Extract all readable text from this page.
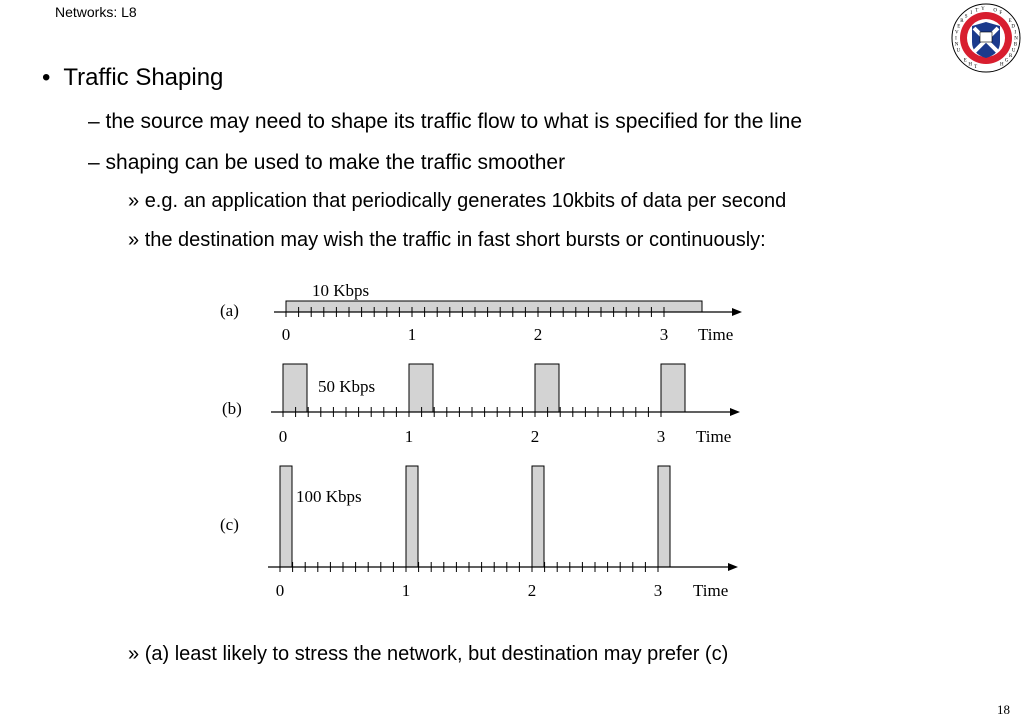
Networks: L8
T
H
E
U
N
I
V
E
R
S
I T Y O F
E
D
I
N
B
U
R
G
H
•  Traffic Shaping
– the source may need to shape its traffic flow to what is specified for the line
– shaping can be used to make the traffic smoother
» e.g. an application that periodically generates 10kbits of data per second
» the destination may wish the traffic in fast short bursts or continuously:
» (a) least likely to stress the network, but destination may prefer (c)
0	1	2	3 Time
(a)
10 Kbps
0	1	2	3 Time
(b)
50 Kbps
0	1	2	3 Time
(c)
100 Kbps
18
